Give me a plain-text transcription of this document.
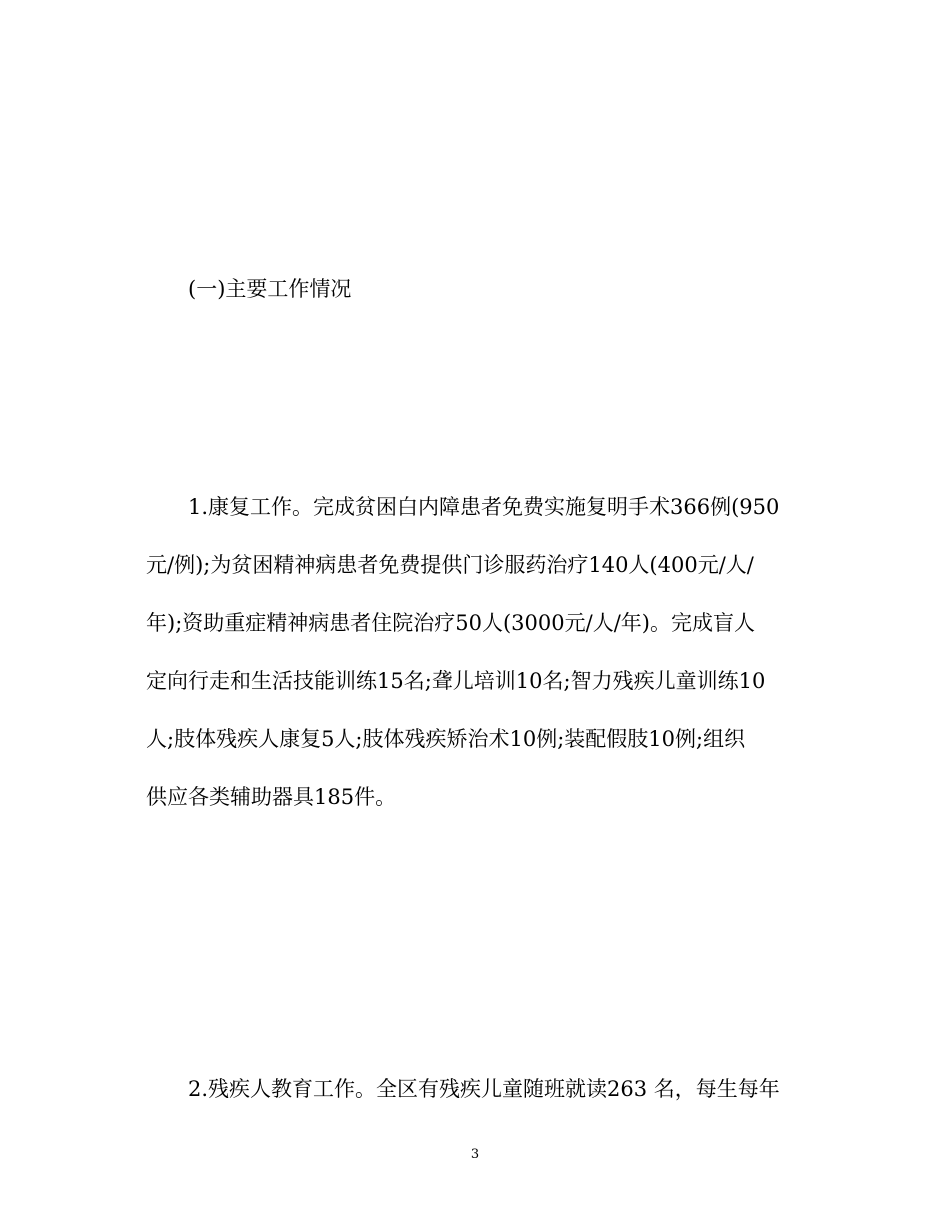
(一)主要工作情况
1.康复工作。完成贫困白内障患者免费实施复明手术366例(950
元/例);为贫困精神病患者免费提供门诊服药治疗140人(400元/人/
年);资助重症精神病患者住院治疗50人(3000元/人/年)。完成盲人
定向行走和生活技能训练15名;聋儿培训10名;智力残疾儿童训练10
人;肢体残疾人康复5人;肢体残疾矫治术10例;装配假肢10例;组织
供应各类辅助器具185件。
2.残疾人教育工作。全区有残疾儿童随班就读263 名，每生每年
3
